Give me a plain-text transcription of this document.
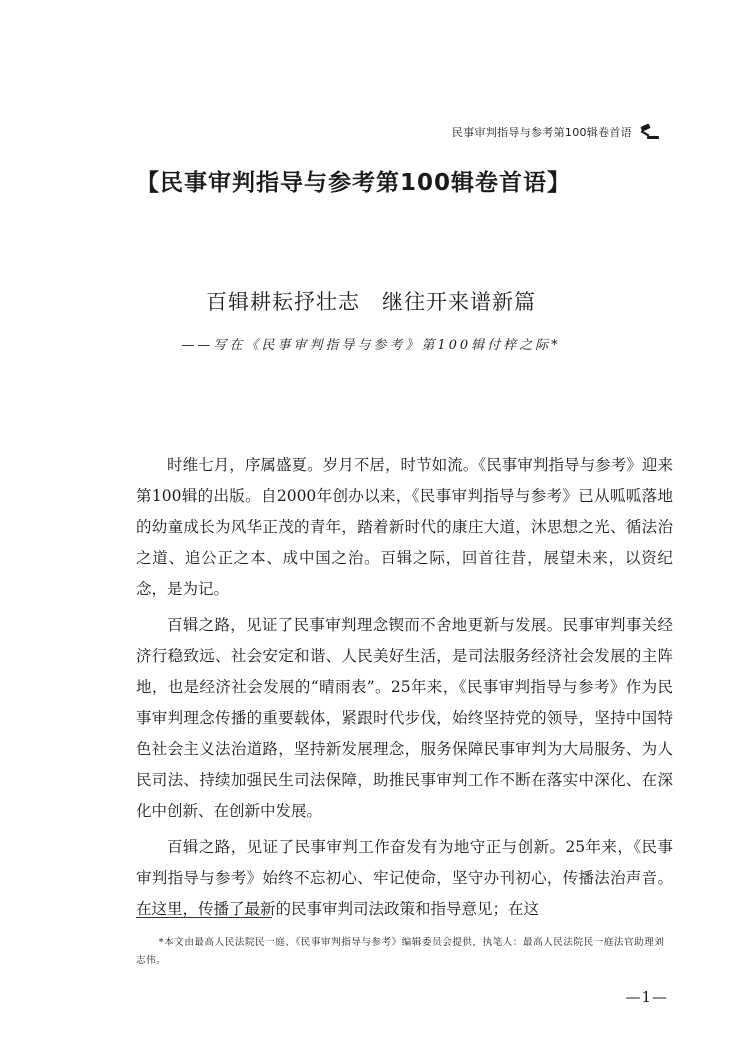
民事审判指导与参考第100辑卷首语
【民事审判指导与参考第100辑卷首语】
百辑耕耘抒壮志　继往开来谱新篇
——写在《民事审判指导与参考》第100辑付梓之际*

时维七月，序属盛夏。岁月不居，时节如流。《民事审判指导与参考》迎来第100辑的出版。自2000年创办以来，《民事审判指导与参考》已从呱呱落地的幼童成长为风华正茂的青年，踏着新时代的康庄大道，沐思想之光、循法治之道、追公正之本、成中国之治。百辑之际，回首往昔，展望未来，以资纪念，是为记。

百辑之路，见证了民事审判理念锲而不舍地更新与发展。民事审判事关经济行稳致远、社会安定和谐、人民美好生活，是司法服务经济社会发展的主阵地，也是经济社会发展的“晴雨表”。25年来，《民事审判指导与参考》作为民事审判理念传播的重要载体，紧跟时代步伐，始终坚持党的领导，坚持中国特色社会主义法治道路，坚持新发展理念，服务保障民事审判为大局服务、为人民司法、持续加强民生司法保障，助推民事审判工作不断在落实中深化、在深化中创新、在创新中发展。

百辑之路，见证了民事审判工作奋发有为地守正与创新。25年来，《民事审判指导与参考》始终不忘初心、牢记使命，坚守办刊初心，传播法治声音。在这里，传播了最新的民事审判司法政策和指导意见；在这

*本文由最高人民法院民一庭、《民事审判指导与参考》编辑委员会提供，执笔人：最高人民法院民一庭法官助理刘志伟。
—1—
